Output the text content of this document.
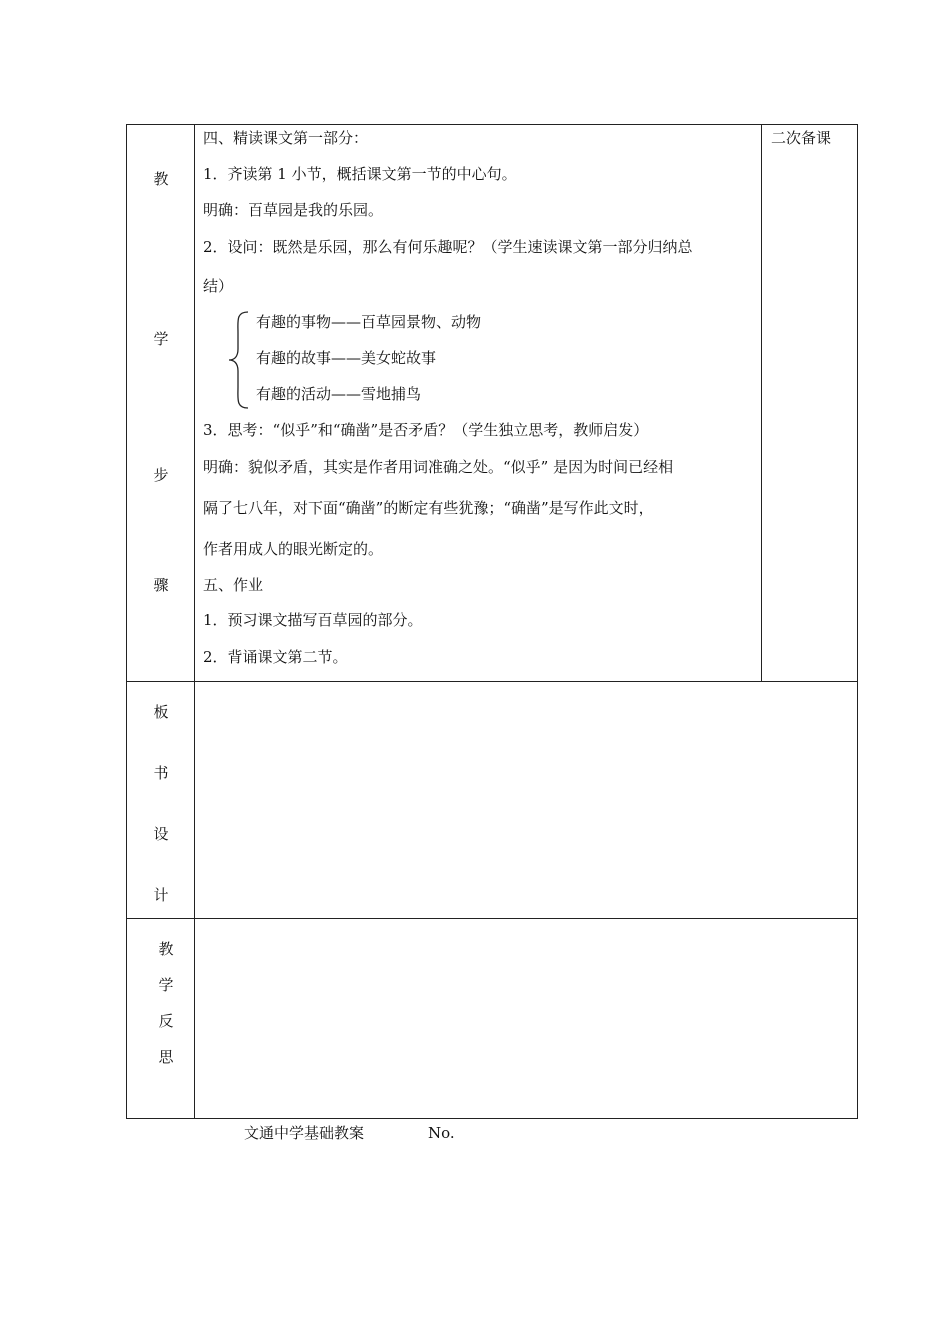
教
学
步
骤
二次备课
四、精读课文第一部分：
1．齐读第 1 小节，概括课文第一节的中心句。
明确：百草园是我的乐园。
2．设问：既然是乐园，那么有何乐趣呢？（学生速读课文第一部分归纳总
结）
有趣的事物——百草园景物、动物
有趣的故事——美女蛇故事
有趣的活动——雪地捕鸟
3．思考：“似乎”和“确凿”是否矛盾？（学生独立思考，教师启发）
明确：貌似矛盾，其实是作者用词准确之处。“似乎” 是因为时间已经相
隔了七八年，对下面“确凿”的断定有些犹豫；“确凿”是写作此文时，
作者用成人的眼光断定的。
五、作业
1．预习课文描写百草园的部分。
2．背诵课文第二节。
板
书
设
计
教
学
反
思
文通中学基础教案	No.
